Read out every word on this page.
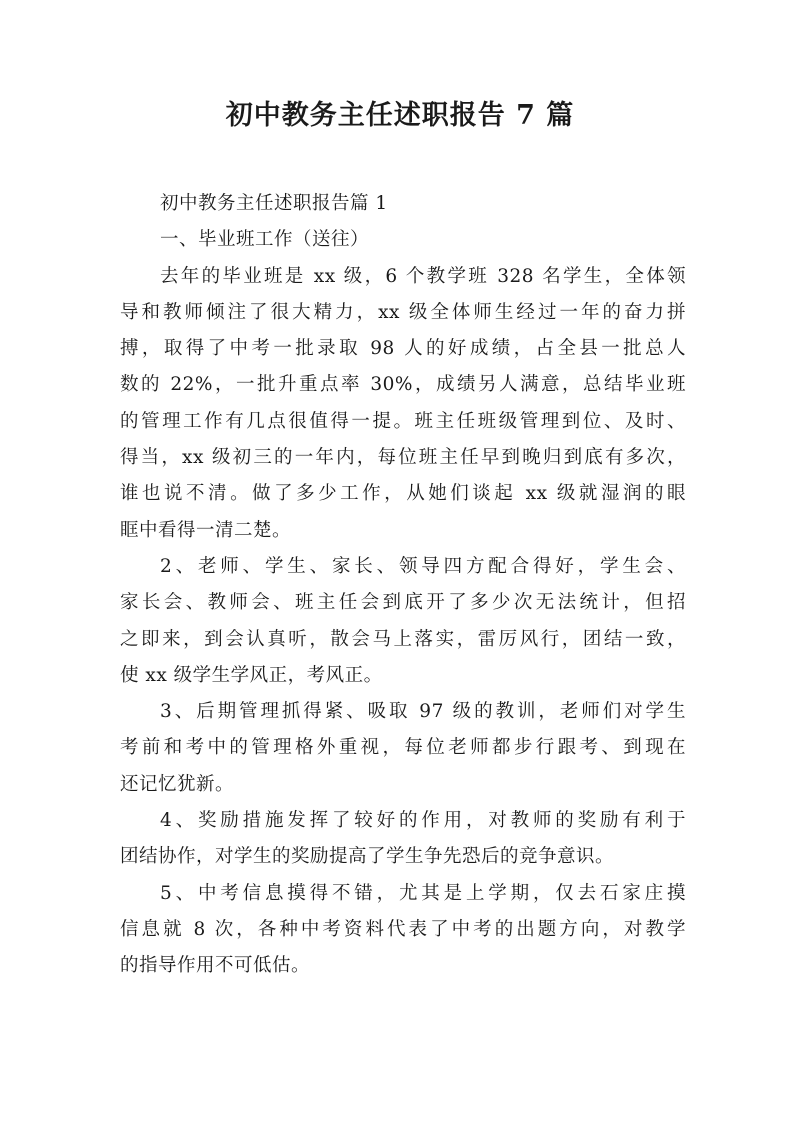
初中教务主任述职报告 7 篇
初中教务主任述职报告篇 1
一、毕业班工作（送往）
去年的毕业班是 xx 级，6 个教学班 328 名学生，全体领
导和教师倾注了很大精力，xx 级全体师生经过一年的奋力拼
搏，取得了中考一批录取 98 人的好成绩，占全县一批总人
数的 22%，一批升重点率 30%，成绩另人满意，总结毕业班
的管理工作有几点很值得一提。班主任班级管理到位、及时、
得当，xx 级初三的一年内，每位班主任早到晚归到底有多次，
谁也说不清。做了多少工作，从她们谈起 xx 级就湿润的眼
眶中看得一清二楚。
2、老师、学生、家长、领导四方配合得好，学生会、
家长会、教师会、班主任会到底开了多少次无法统计，但招
之即来，到会认真听，散会马上落实，雷厉风行，团结一致，
使 xx 级学生学风正，考风正。
3、后期管理抓得紧、吸取 97 级的教训，老师们对学生
考前和考中的管理格外重视，每位老师都步行跟考、到现在
还记忆犹新。
4、奖励措施发挥了较好的作用，对教师的奖励有利于
团结协作，对学生的奖励提高了学生争先恐后的竞争意识。
5、中考信息摸得不错，尤其是上学期，仅去石家庄摸
信息就 8 次，各种中考资料代表了中考的出题方向，对教学
的指导作用不可低估。
